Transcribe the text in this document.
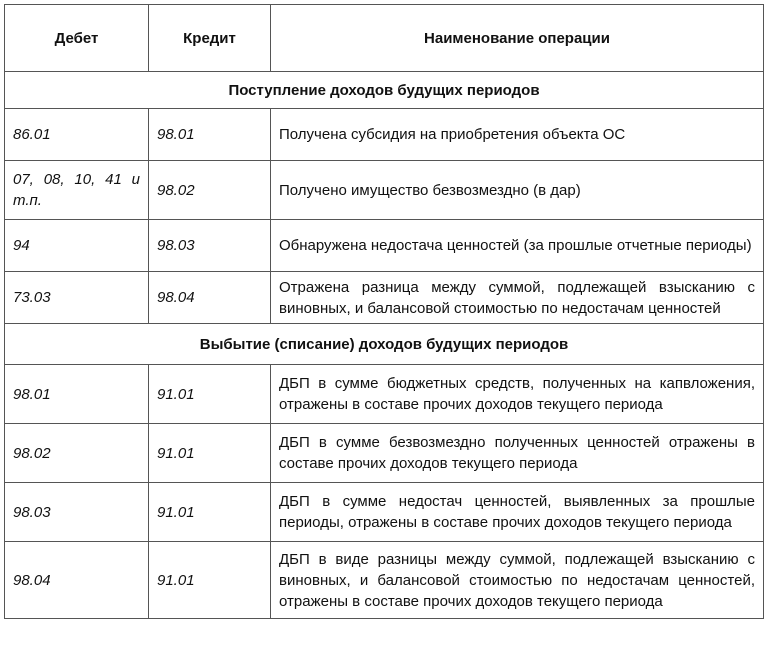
Дебет	Кредит	Наименование операции
Поступление доходов будущих периодов		
86.01	98.01	Получена субсидия на приобретения объекта ОС
07, 08, 10, 41 и т.п.	98.02	Получено имущество безвозмездно (в дар)
94	98.03	Обнаружена недостача ценностей (за прошлые отчетные периоды)
73.03	98.04	Отражена разница между суммой, подлежащей взысканию с виновных, и балансовой стоимостью по недостачам ценностей
Выбытие (списание) доходов будущих периодов		
98.01	91.01	ДБП в сумме бюджетных средств, полученных на капвложения, отражены в составе прочих доходов текущего периода
98.02	91.01	ДБП в сумме безвозмездно полученных ценностей отражены в составе прочих доходов текущего периода
98.03	91.01	ДБП в сумме недостач ценностей, выявленных за прошлые периоды, отражены в составе прочих доходов текущего периода
98.04	91.01	ДБП в виде разницы между суммой, подлежащей взысканию с виновных, и балансовой стоимостью по недостачам ценностей, отражены в составе прочих доходов текущего периода
